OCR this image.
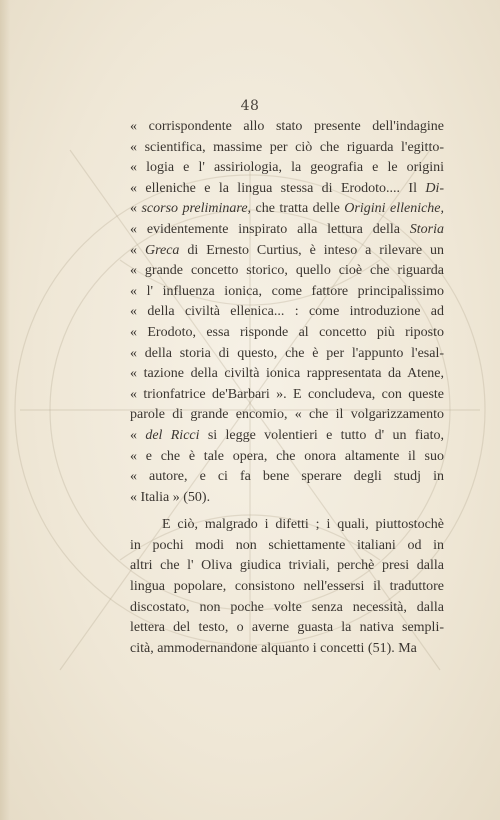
48
« corrispondente allo stato presente dell'indagine
« scientifica, massime per ciò che riguarda l'egitto-
« logia e l' assiriologia, la geografia e le origini
« elleniche e la lingua stessa di Erodoto.... Il Di-
« scorso preliminare, che tratta delle Origini elleniche,
« evidentemente inspirato alla lettura della Storia
« Greca di Ernesto Curtius, è inteso a rilevare un
« grande concetto storico, quello cioè che riguarda
« l' influenza ionica, come fattore principalissimo
« della civiltà ellenica... : come introduzione ad
« Erodoto, essa risponde al concetto più riposto
« della storia di questo, che è per l'appunto l'esal-
« tazione della civiltà ionica rappresentata da Atene,
« trionfatrice de'Barbari ». E concludeva, con queste
parole di grande encomio, « che il volgarizzamento
« del Ricci si legge volentieri e tutto d' un fiato,
« e che è tale opera, che onora altamente il suo
« autore, e ci fa bene sperare degli studj in
« Italia » (50).
E ciò, malgrado i difetti ; i quali, piuttostochè
in pochi modi non schiettamente italiani od in
altri che l' Oliva giudica triviali, perchè presi dalla
lingua popolare, consistono nell'essersi il traduttore
discostato, non poche volte senza necessità, dalla
lettera del testo, o averne guasta la nativa sempli-
cità, ammodernandone alquanto i concetti (51). Ma
